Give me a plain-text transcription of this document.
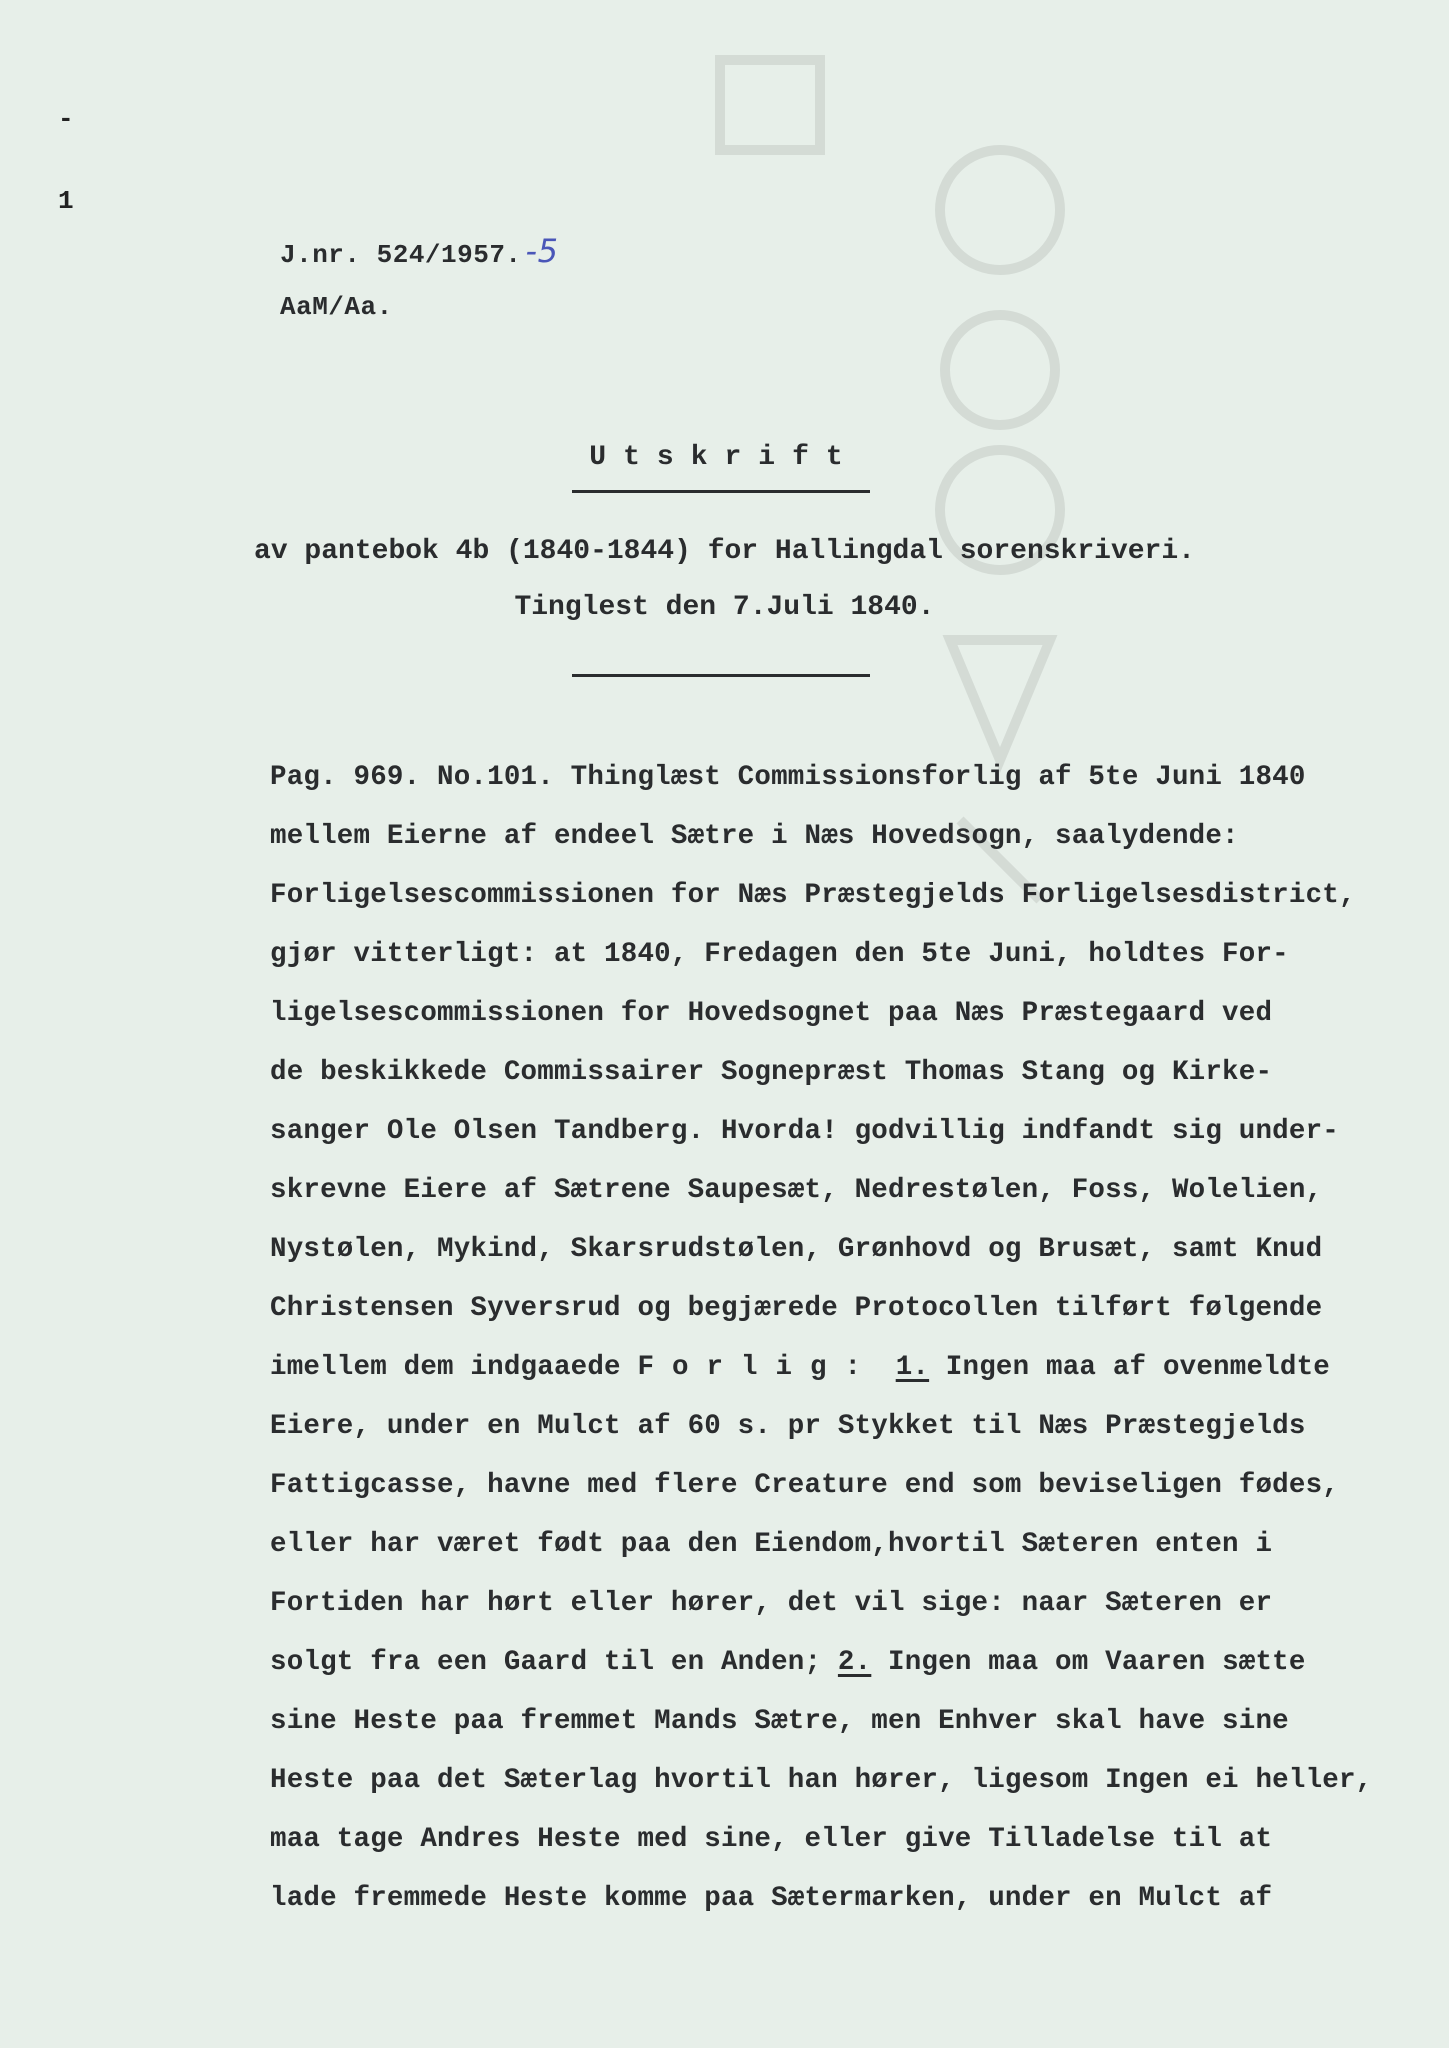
-
1
J.nr. 524/1957. -5
AaM/Aa.
Utskrift
av pantebok 4b (1840-1844) for Hallingdal sorenskriveri.
Tinglest den 7.Juli 1840.
Pag. 969. No.101. Thinglæst Commissionsforlig af 5te Juni 1840
mellem Eierne af endeel Sætre i Næs Hovedsogn, saalydende:
Forligelsescommissionen for Næs Præstegjelds Forligelsesdistrict,
gjør vitterligt: at 1840, Fredagen den 5te Juni, holdtes For-
ligelsescommissionen for Hovedsognet paa Næs Præstegaard ved
de beskikkede Commissairer Sognepræst Thomas Stang og Kirke-
sanger Ole Olsen Tandberg. Hvorda! godvillig indfandt sig under-
skrevne Eiere af Sætrene Saupesæt, Nedrestølen, Foss, Wolelien,
Nystølen, Mykind, Skarsrudstølen, Grønhovd og Brusæt, samt Knud
Christensen Syversrud og begjærede Protocollen tilført følgende
imellem dem indgaaede Forlig: 1. Ingen maa af ovenmeldte
Eiere, under en Mulct af 60 s. pr Stykket til Næs Præstegjelds
Fattigcasse, havne med flere Creature end som beviseligen fødes,
eller har været født paa den Eiendom,hvortil Sæteren enten i
Fortiden har hørt eller hører, det vil sige: naar Sæteren er
solgt fra een Gaard til en Anden; 2. Ingen maa om Vaaren sætte
sine Heste paa fremmet Mands Sætre, men Enhver skal have sine
Heste paa det Sæterlag hvortil han hører, ligesom Ingen ei heller,
maa tage Andres Heste med sine, eller give Tilladelse til at
lade fremmede Heste komme paa Sætermarken, under en Mulct af
